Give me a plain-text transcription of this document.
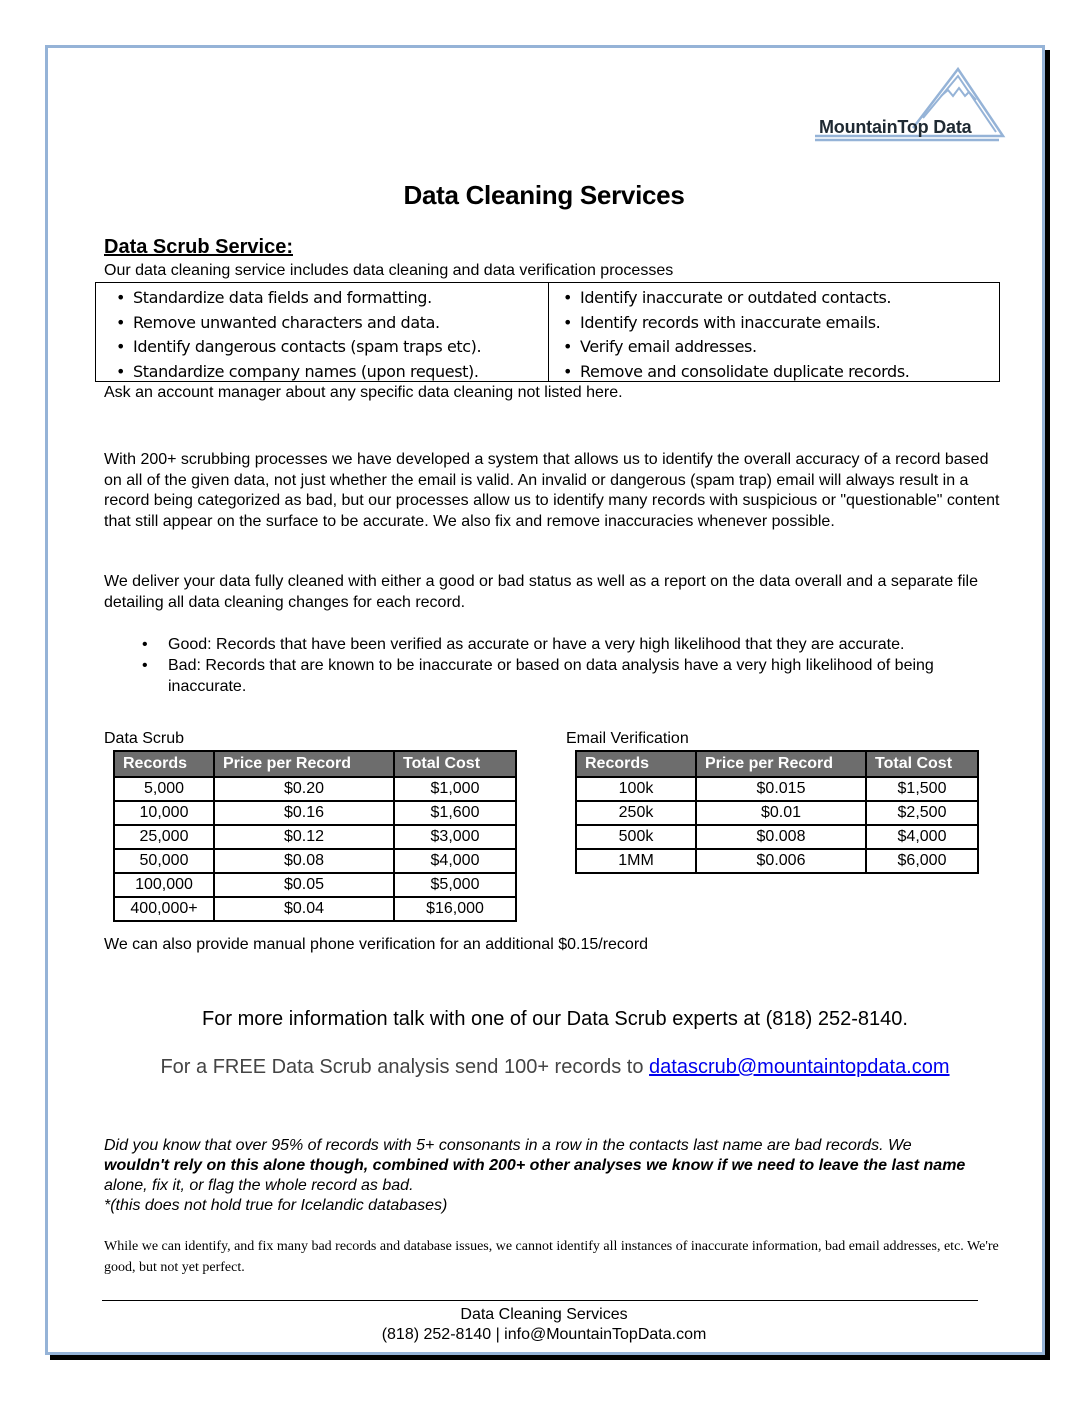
MountainTop Data
Data Cleaning Services
Data Scrub Service:
Our data cleaning service includes data cleaning and data verification processes
• Standardize data fields and formatting.
• Remove unwanted characters and data.
• Identify dangerous contacts (spam traps etc).
• Standardize company names (upon request).
• Identify inaccurate or outdated contacts.
• Identify records with inaccurate emails.
• Verify email addresses.
• Remove and consolidate duplicate records.
Ask an account manager about any specific data cleaning not listed here.
With 200+ scrubbing processes we have developed a system that allows us to identify the overall accuracy of a record based on all of the given data, not just whether the email is valid. An invalid or dangerous (spam trap) email will always result in a record being categorized as bad, but our processes allow us to identify many records with suspicious or "questionable" content that still appear on the surface to be accurate. We also fix and remove inaccuracies whenever possible.
We deliver your data fully cleaned with either a good or bad status as well as a report on the data overall and a separate file detailing all data cleaning changes for each record.
• Good: Records that have been verified as accurate or have a very high likelihood that they are accurate.
• Bad: Records that are known to be inaccurate or based on data analysis have a very high likelihood of being inaccurate.
Data Scrub
Records	Price per Record	Total Cost
5,000	$0.20	$1,000
10,000	$0.16	$1,600
25,000	$0.12	$3,000
50,000	$0.08	$4,000
100,000	$0.05	$5,000
400,000+	$0.04	$16,000
Email Verification
Records	Price per Record	Total Cost
100k	$0.015	$1,500
250k	$0.01	$2,500
500k	$0.008	$4,000
1MM	$0.006	$6,000
We can also provide manual phone verification for an additional $0.15/record
For more information talk with one of our Data Scrub experts at (818) 252-8140.
For a FREE Data Scrub analysis send 100+ records to datascrub@mountaintopdata.com
Did you know that over 95% of records with 5+ consonants in a row in the contacts last name are bad records. We
wouldn't rely on this alone though, combined with 200+ other analyses we know if we need to leave the last name
alone, fix it, or flag the whole record as bad.
*(this does not hold true for Icelandic databases)
While we can identify, and fix many bad records and database issues, we cannot identify all instances of inaccurate information, bad email addresses, etc. We're good, but not yet perfect.
Data Cleaning Services
(818) 252-8140 | info@MountainTopData.com
